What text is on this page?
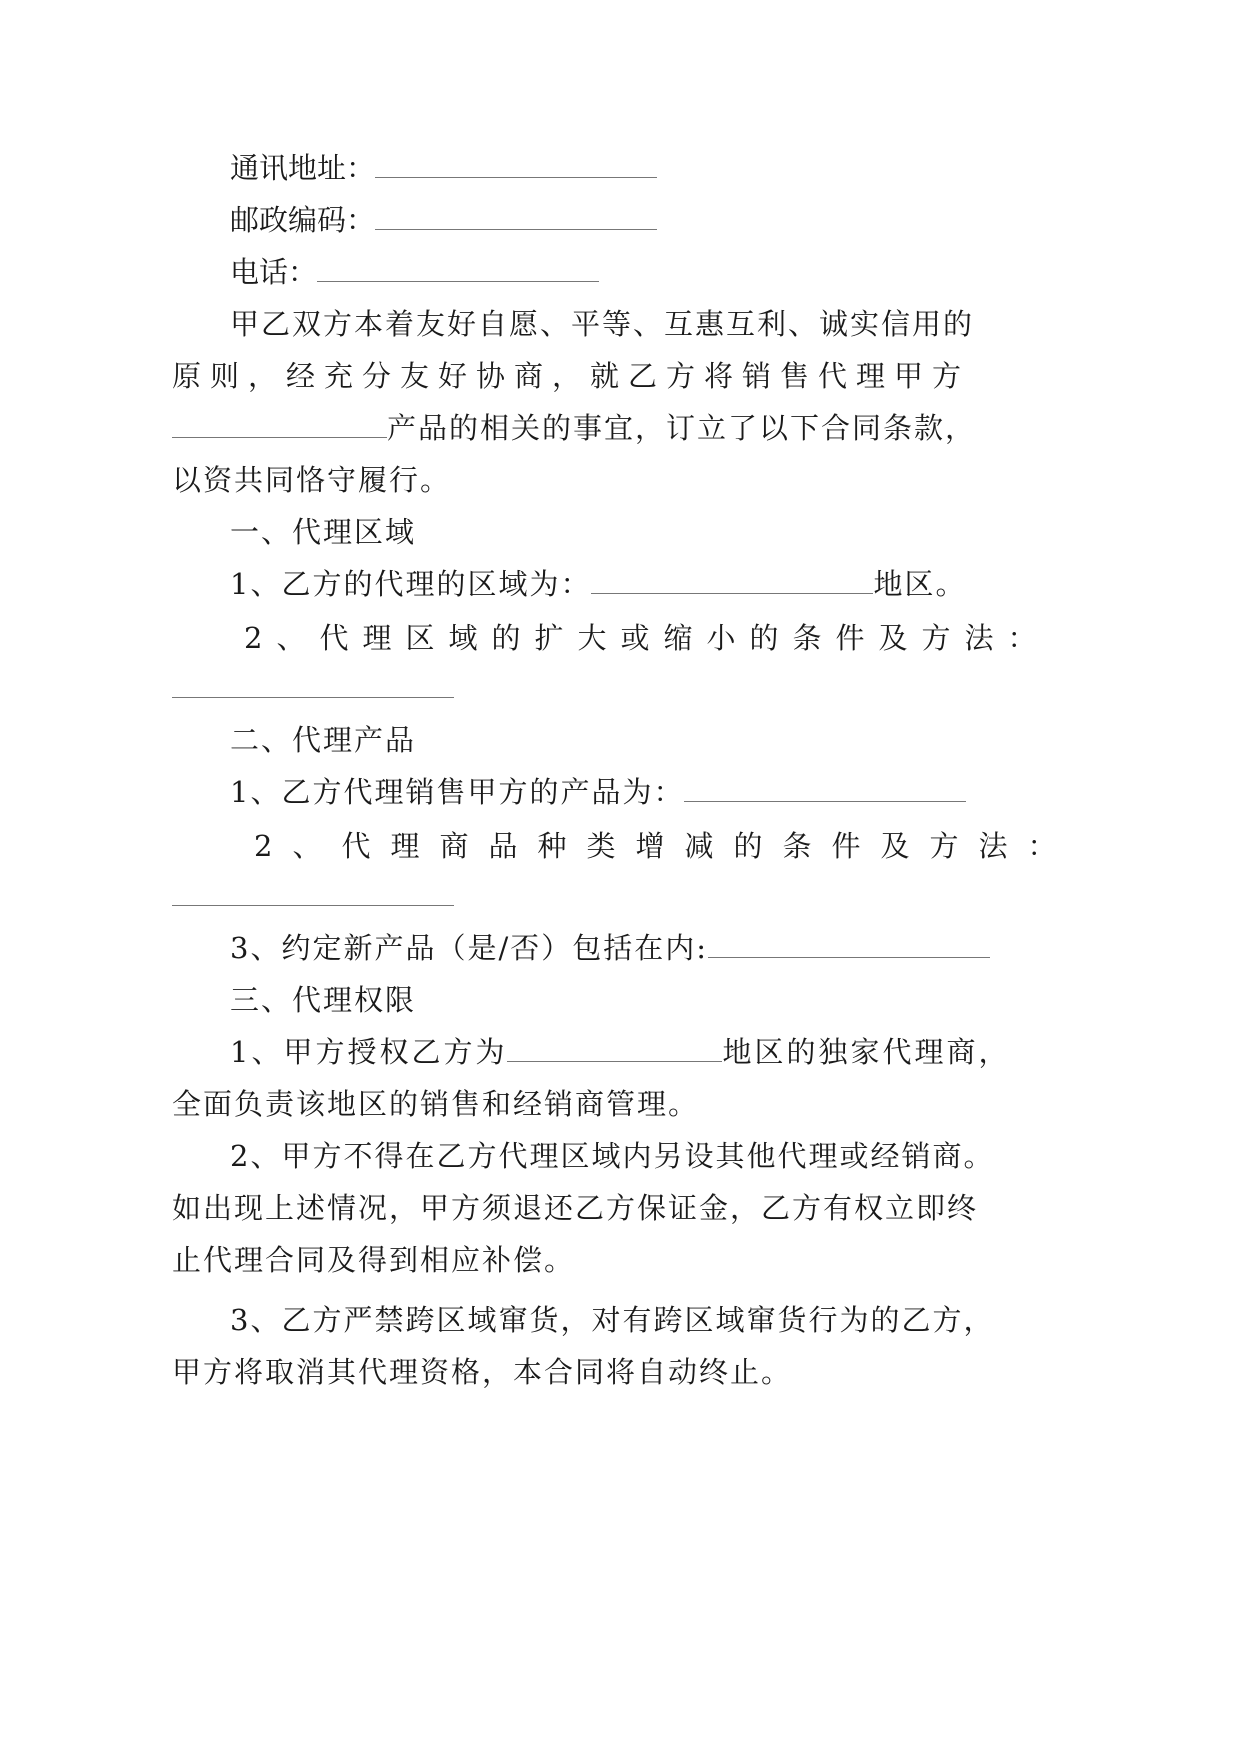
通讯地址：
邮政编码：
电话：
甲乙双方本着友好自愿、平等、互惠互利、诚实信用的
原则，经充分友好协商，就乙方将销售代理甲方
产品的相关的事宜，订立了以下合同条款，
以资共同恪守履行。
一、代理区域
1、乙方的代理的区域为：	地区。
2、代理区域的扩大或缩小的条件及方法：
二、代理产品
1、乙方代理销售甲方的产品为：
2、代理商品种类增减的条件及方法：
3、约定新产品（是/否）包括在内:
三、代理权限
1、甲方授权乙方为	地区的独家代理商，
全面负责该地区的销售和经销商管理。
2、甲方不得在乙方代理区域内另设其他代理或经销商。
如出现上述情况，甲方须退还乙方保证金，乙方有权立即终
止代理合同及得到相应补偿。
3、乙方严禁跨区域窜货，对有跨区域窜货行为的乙方，
甲方将取消其代理资格，本合同将自动终止。
